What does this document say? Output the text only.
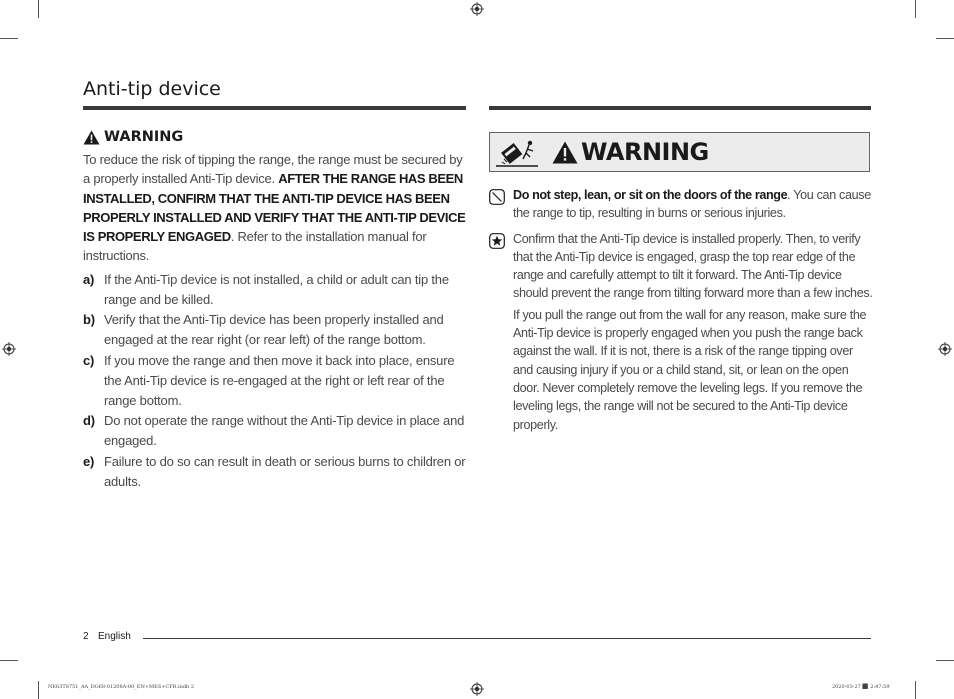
Anti-tip device
WARNING

To reduce the risk of tipping the range, the range must be secured by a properly installed Anti-Tip device. AFTER THE RANGE HAS BEEN INSTALLED, CONFIRM THAT THE ANTI-TIP DEVICE HAS BEEN PROPERLY INSTALLED AND VERIFY THAT THE ANTI-TIP DEVICE IS PROPERLY ENGAGED. Refer to the installation manual for instructions.

a) If the Anti-Tip device is not installed, a child or adult can tip the range and be killed.
b) Verify that the Anti-Tip device has been properly installed and engaged at the rear right (or rear left) of the range bottom.
c) If you move the range and then move it back into place, ensure the Anti-Tip device is re-engaged at the right or left rear of the range bottom.
d) Do not operate the range without the Anti-Tip device in place and engaged.
e) Failure to do so can result in death or serious burns to children or adults.
WARNING

Do not step, lean, or sit on the doors of the range. You can cause the range to tip, resulting in burns or serious injuries.

Confirm that the Anti-Tip device is installed properly. Then, to verify that the Anti-Tip device is engaged, grasp the top rear edge of the range and carefully attempt to tilt it forward. The Anti-Tip device should prevent the range from tilting forward more than a few inches.

If you pull the range out from the wall for any reason, make sure the Anti-Tip device is properly engaged when you push the range back against the wall. If it is not, there is a risk of the range tipping over and causing injury if you or a child stand, sit, or lean on the open door. Never completely remove the leveling legs. If you remove the leveling legs, the range will not be secured to the Anti-Tip device properly.

2 English
NE63T8751_AA_DG68-01208A-00_EN+MES+CFR.indb 2	2020-03-27 ⬛ 2:47:59
